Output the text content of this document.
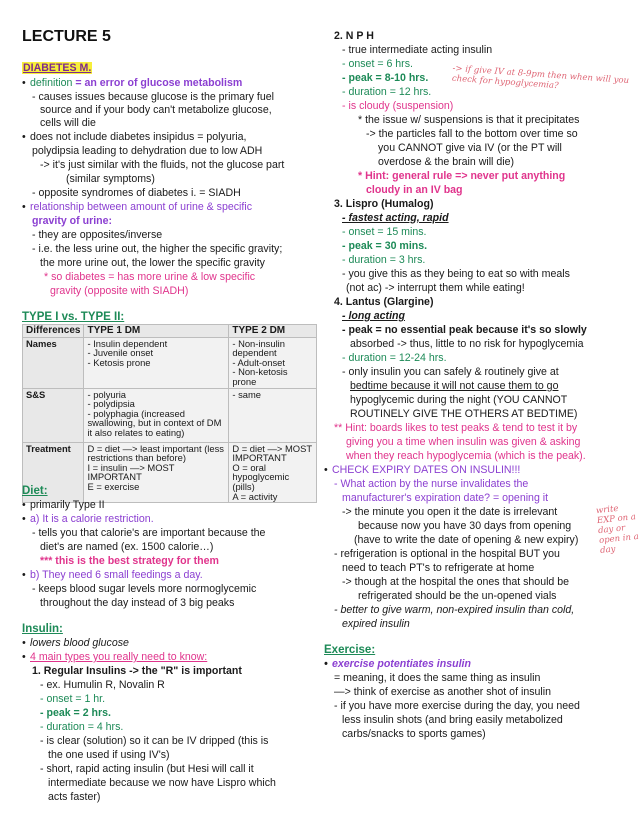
LECTURE 5
DIABETES M.
• definition = an error of glucose metabolism
- causes issues because glucose is the primary fuel
source and if your body can't metabolize glucose,
cells will die
• does not include diabetes insipidus = polyuria,
polydipsia leading to dehydration due to low ADH
-> it's just similar with the fluids, not the glucose part
(similar symptoms)
- opposite syndromes of diabetes i. = SIADH
• relationship between amount of urine & specific
gravity of urine:
- they are opposites/inverse
- i.e. the less urine out, the higher the specific gravity;
the more urine out, the lower the specific gravity
* so diabetes = has more urine & low specific
gravity (opposite with SIADH)
TYPE I vs. TYPE II:
Differences	TYPE 1 DM	TYPE 2 DM
Names	- Insulin dependent
- Juvenile onset
- Ketosis prone	- Non-insulin dependent
- Adult-onset
- Non-ketosis prone
S&S	- polyuria
- polydipsia
- polyphagia (increased swallowing, but in context of DM it also relates to eating)	- same
Treatment	D = diet —> least important (less restrictions than before)
I = insulin —> MOST IMPORTANT
E = exercise	D = diet —> MOST IMPORTANT
O = oral hypoglycemic (pills)
A = activity
Diet:
• primarily Type II
• a) It is a calorie restriction.
- tells you that calorie's are important because the
diet's are named (ex. 1500 calorie…)
*** this is the best strategy for them
• b) They need 6 small feedings a day.
- keeps blood sugar levels more normoglycemic
throughout the day instead of 3 big peaks
Insulin:
• lowers blood glucose
• 4 main types you really need to know:
1. Regular Insulins -> the "R" is important
- ex. Humulin R, Novalin R
- onset = 1 hr.
- peak = 2 hrs.
- duration = 4 hrs.
- is clear (solution) so it can be IV dripped (this is
the one used if using IV's)
- short, rapid acting insulin (but Hesi will call it
intermediate because we now have Lispro which
acts faster)
2. N P H
- true intermediate acting insulin
- onset = 6 hrs.
- peak = 8-10 hrs.
- duration = 12 hrs.
- is cloudy (suspension)
* the issue w/ suspensions is that it precipitates
-> the particles fall to the bottom over time so
you CANNOT give via IV (or the PT will
overdose & the brain will die)
* Hint: general rule => never put anything
cloudy in an IV bag
3. Lispro (Humalog)
- fastest acting, rapid
- onset = 15 mins.
- peak = 30 mins.
- duration = 3 hrs.
- you give this as they being to eat so with meals
(not ac) -> interrupt them while eating!
4. Lantus (Glargine)
- long acting
- peak = no essential peak because it's so slowly
absorbed -> thus, little to no risk for hypoglycemia
- duration = 12-24 hrs.
- only insulin you can safely & routinely give at
bedtime because it will not cause them to go
hypoglycemic during the night (YOU CANNOT
ROUTINELY GIVE THE OTHERS AT BEDTIME)
** Hint: boards likes to test peaks & tend to test it by
giving you a time when insulin was given & asking
when they reach hypoglycemia (which is the peak).
• CHECK EXPIRY DATES ON INSULIN!!!
- What action by the nurse invalidates the
manufacturer's expiration date? = opening it
-> the minute you open it the date is irrelevant
because now you have 30 days from opening
(have to write the date of opening & new expiry)
- refrigeration is optional in the hospital BUT you
need to teach PT's to refrigerate at home
-> though at the hospital the ones that should be
refrigerated should be the un-opened vials
- better to give warm, non-expired insulin than cold,
expired insulin
Exercise:
• exercise potentiates insulin
= meaning, it does the same thing as insulin
—> think of exercise as another shot of insulin
- if you have more exercise during the day, you need
less insulin shots (and bring easily metabolized
carbs/snacks to sports games)
-> if give IV at 8-9pm then when will you check for hypoglycemia?
write EXP on a day or open in a day
